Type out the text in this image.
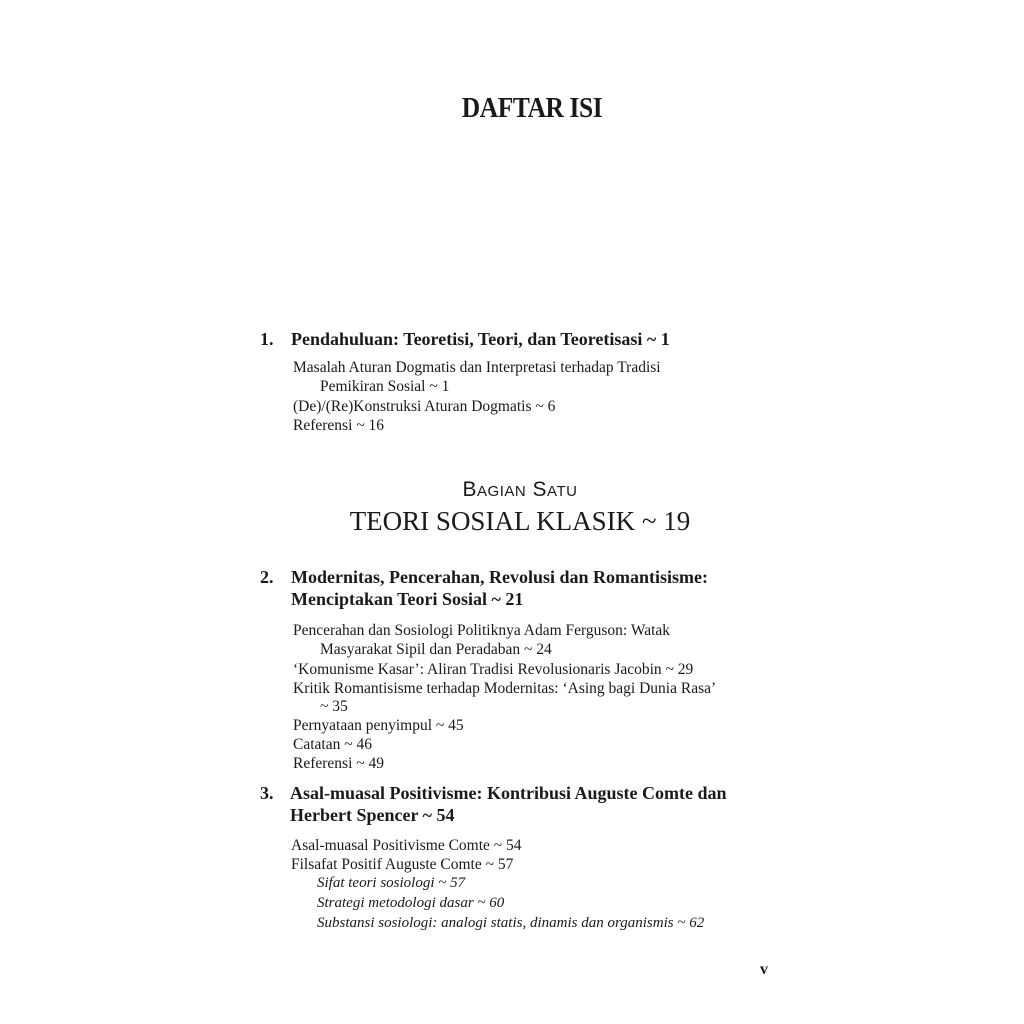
DAFTAR ISI
1. Pendahuluan: Teoretisi, Teori, dan Teoretisasi ~ 1
Masalah Aturan Dogmatis dan Interpretasi terhadap Tradisi
Pemikiran Sosial ~ 1
(De)/(Re)Konstruksi Aturan Dogmatis ~ 6
Referensi ~ 16
Bagian Satu
TEORI SOSIAL KLASIK ~ 19
2. Modernitas, Pencerahan, Revolusi dan Romantisisme:
Menciptakan Teori Sosial ~ 21
Pencerahan dan Sosiologi Politiknya Adam Ferguson: Watak
Masyarakat Sipil dan Peradaban ~ 24
‘Komunisme Kasar’: Aliran Tradisi Revolusionaris Jacobin ~ 29
Kritik Romantisisme terhadap Modernitas: ‘Asing bagi Dunia Rasa’
~ 35
Pernyataan penyimpul ~ 45
Catatan ~ 46
Referensi ~ 49
3. Asal-muasal Positivisme: Kontribusi Auguste Comte dan
Herbert Spencer ~ 54
Asal-muasal Positivisme Comte ~ 54
Filsafat Positif Auguste Comte ~ 57
Sifat teori sosiologi ~ 57
Strategi metodologi dasar ~ 60
Substansi sosiologi: analogi statis, dinamis dan organismis ~ 62
v
